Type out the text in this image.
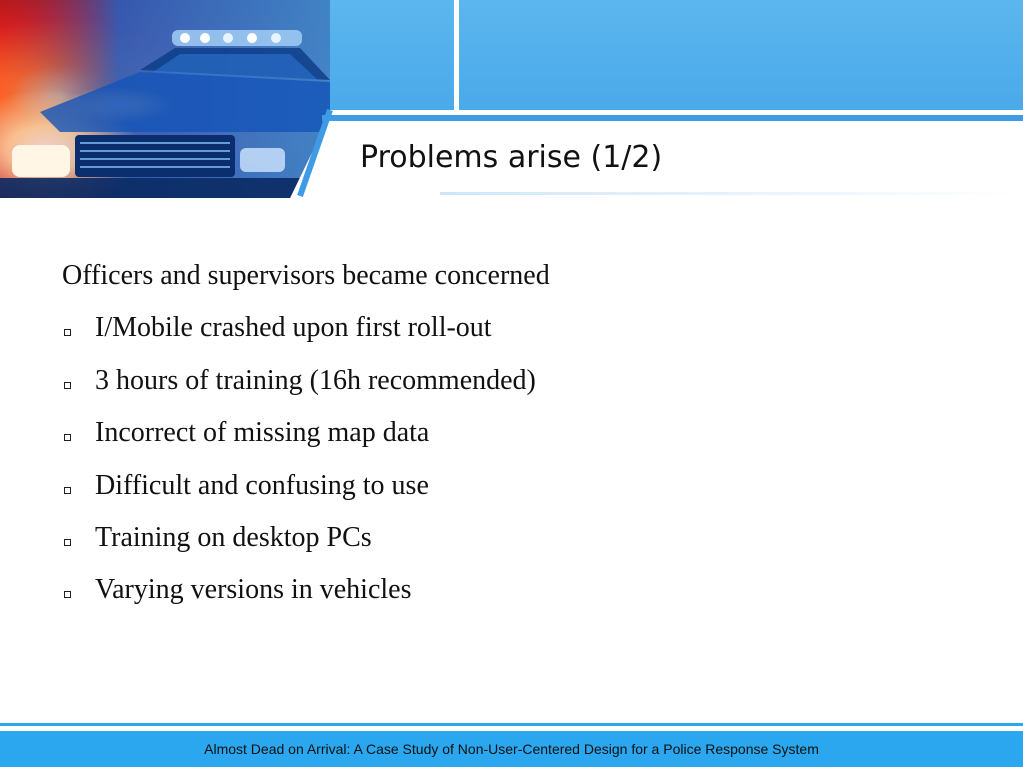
Problems arise (1/2)
Officers and supervisors became concerned
I/Mobile crashed upon first roll-out
3 hours of training (16h recommended)
Incorrect of missing map data
Difficult and confusing to use
Training on desktop PCs
Varying versions in vehicles
Almost Dead on Arrival: A Case Study of Non-User-Centered Design for a Police Response System
